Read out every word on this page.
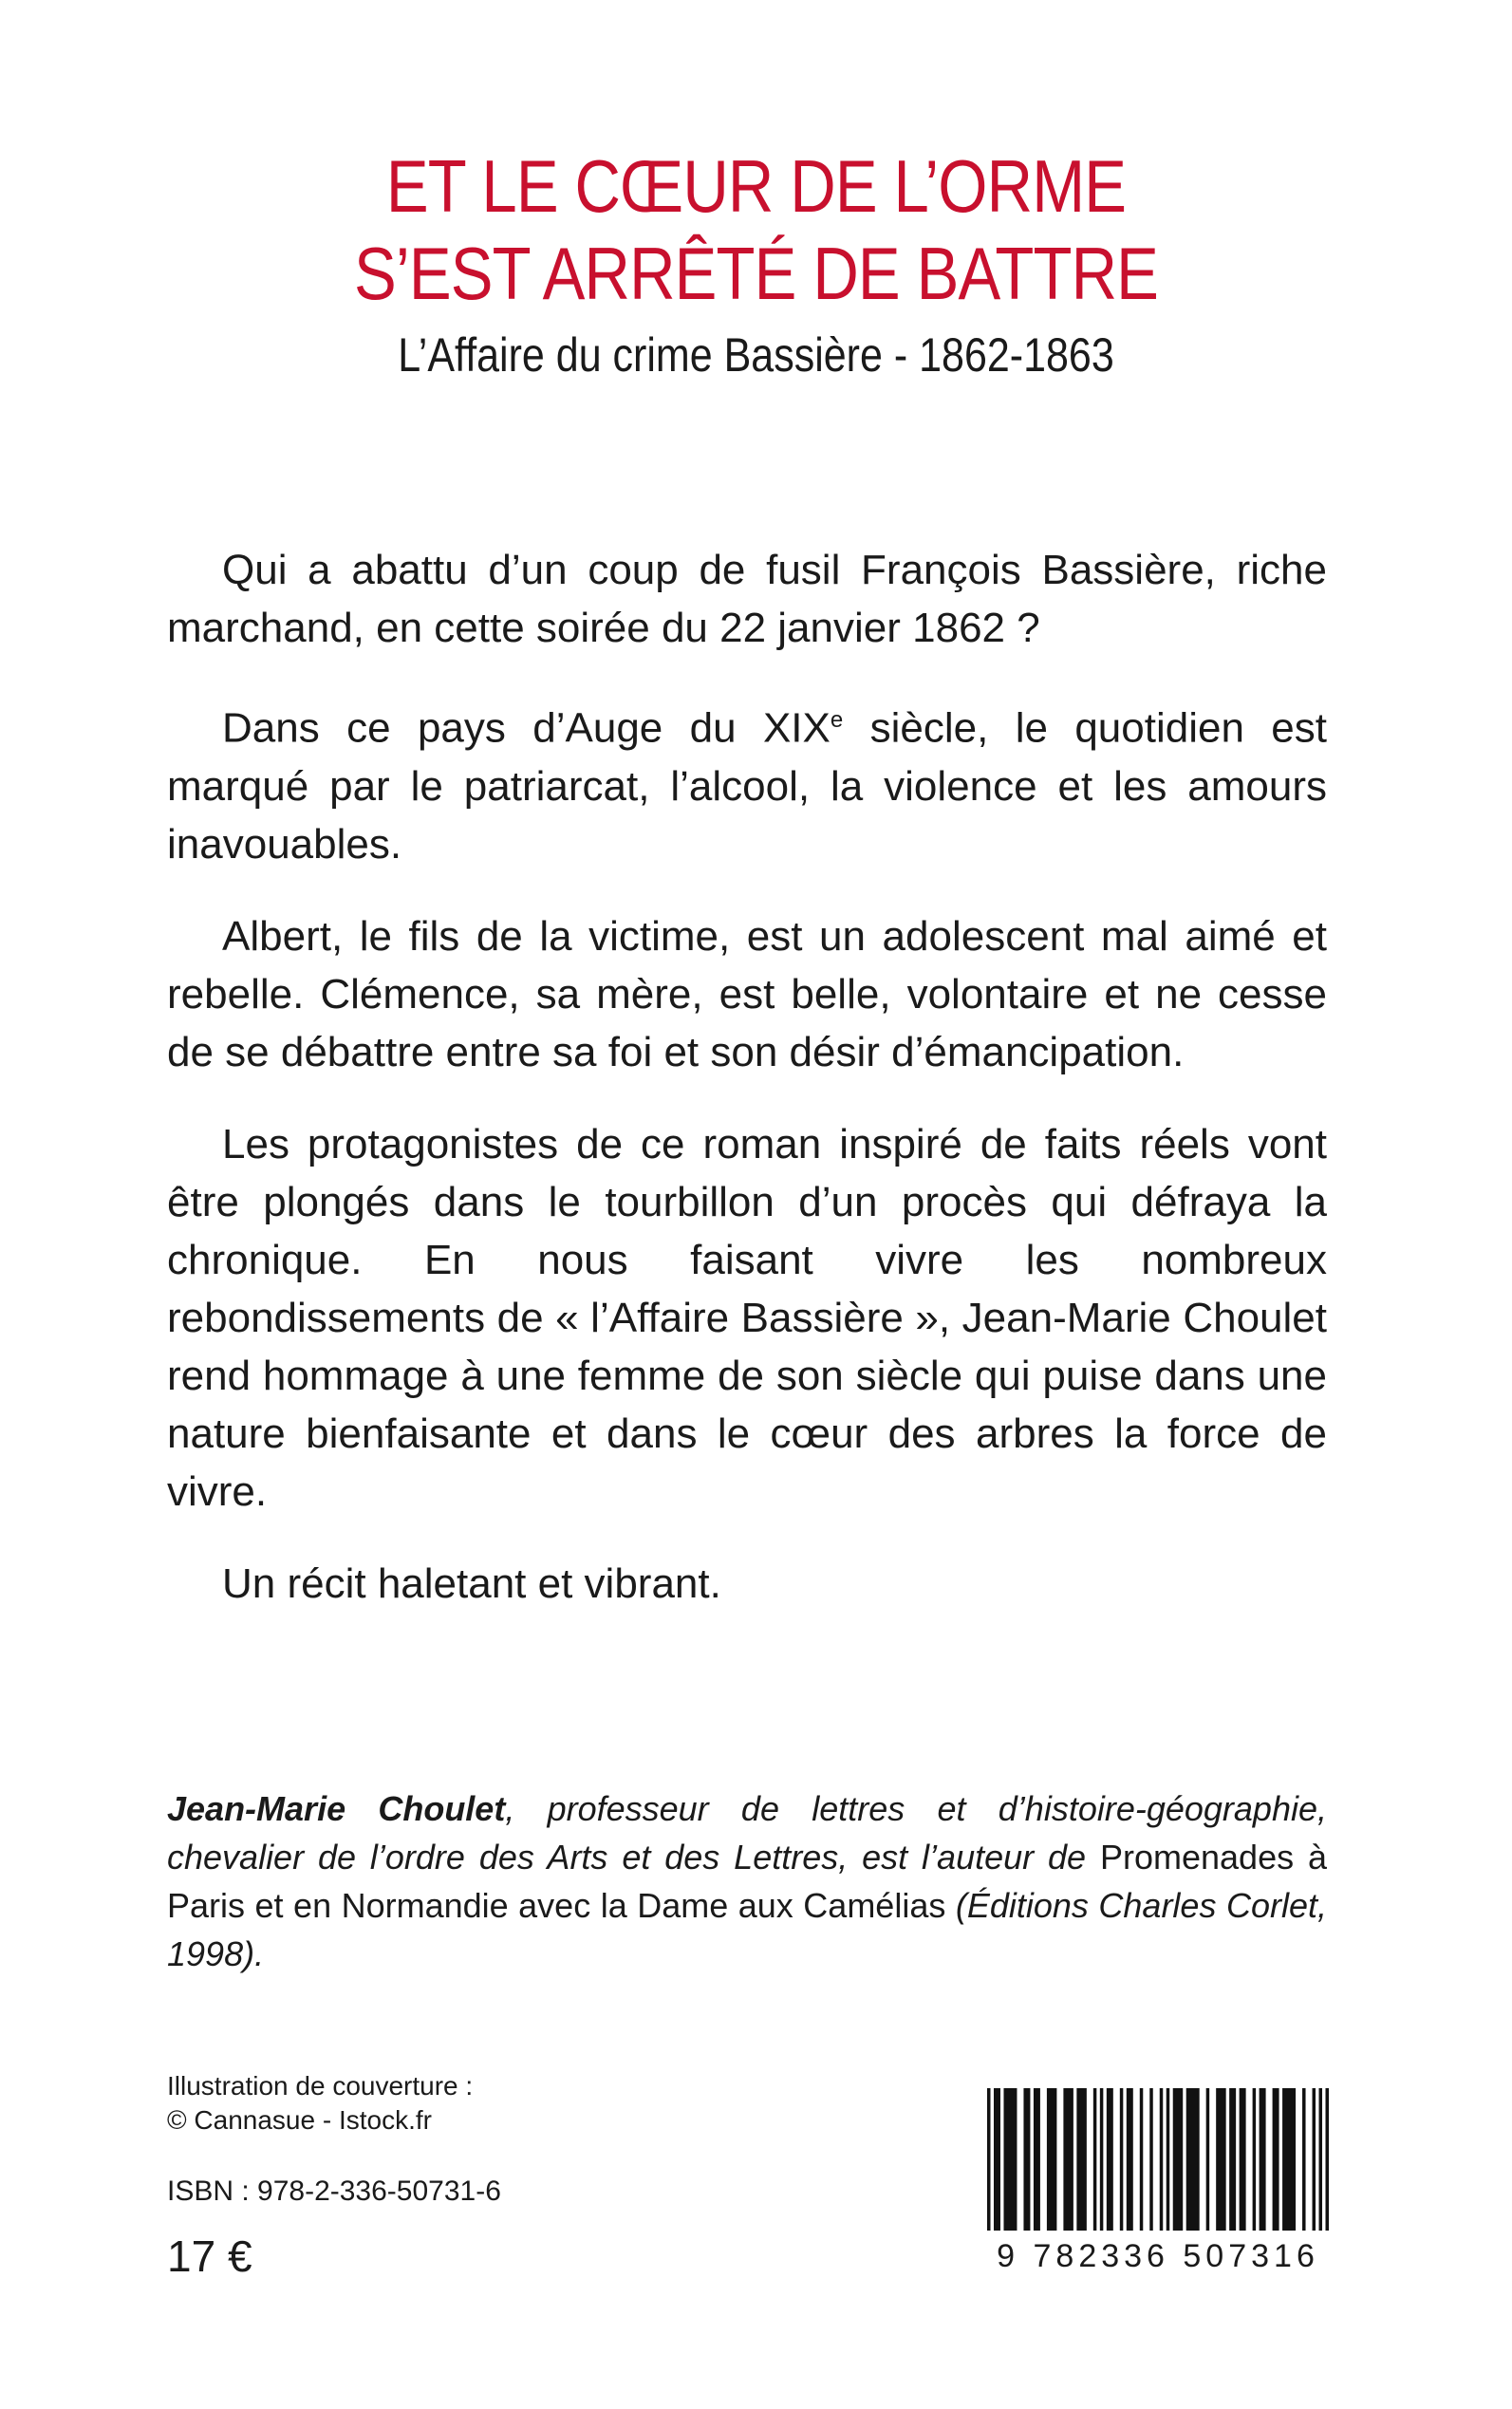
ET LE CŒUR DE L’ORME
S’EST ARRÊTÉ DE BATTRE
L’Affaire du crime Bassière - 1862-1863

Qui a abattu d’un coup de fusil François Bassière, riche marchand, en cette soirée du 22 janvier 1862 ?

Dans ce pays d’Auge du XIXe siècle, le quotidien est marqué par le patriarcat, l’alcool, la violence et les amours inavouables.

Albert, le fils de la victime, est un adolescent mal aimé et rebelle. Clémence, sa mère, est belle, volontaire et ne cesse de se débattre entre sa foi et son désir d’émancipation.

Les protagonistes de ce roman inspiré de faits réels vont être plongés dans le tourbillon d’un procès qui défraya la chronique. En nous faisant vivre les nombreux rebondissements de « l’Affaire Bassière », Jean-Marie Choulet rend hommage à une femme de son siècle qui puise dans une nature bienfaisante et dans le cœur des arbres la force de vivre.

Un récit haletant et vibrant.

Jean-Marie Choulet, professeur de lettres et d’histoire-géographie, chevalier de l’ordre des Arts et des Lettres, est l’auteur de Promenades à Paris et en Normandie avec la Dame aux Camélias (Éditions Charles Corlet, 1998).
Illustration de couverture :
© Cannasue - Istock.fr
ISBN : 978-2-336-50731-6
17 €	9 782336 507316
